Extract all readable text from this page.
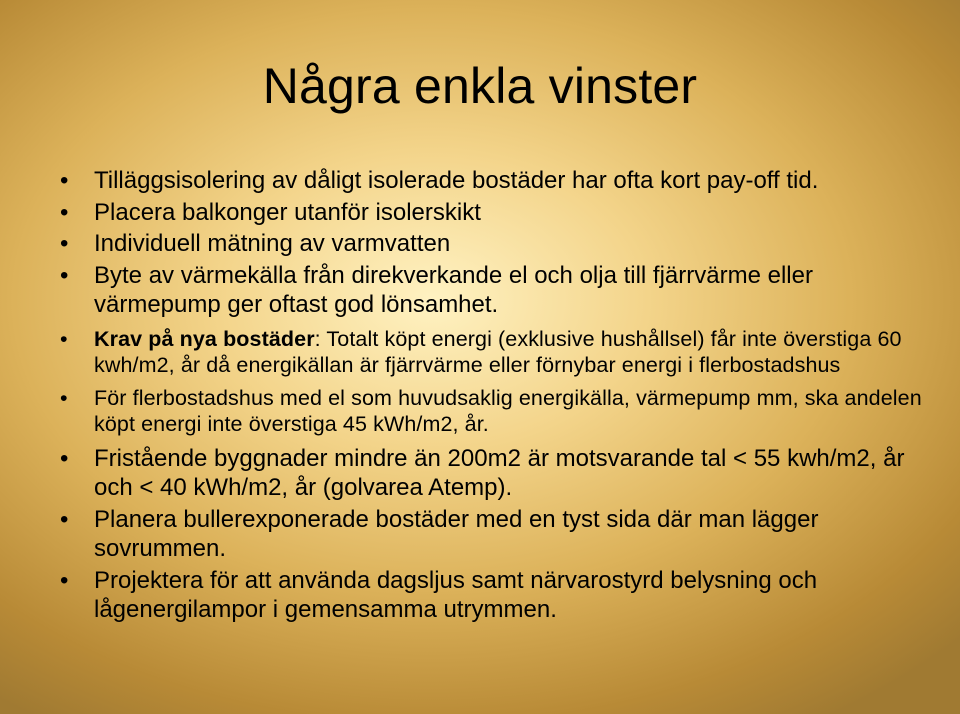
Några enkla vinster
• Tilläggsisolering av dåligt isolerade bostäder har ofta kort pay-off tid.
• Placera balkonger utanför isolerskikt
• Individuell mätning av varmvatten
• Byte av värmekälla från direkverkande el och olja till fjärrvärme eller värmepump ger oftast god lönsamhet.
• Krav på nya bostäder: Totalt köpt energi (exklusive hushållsel) får inte överstiga 60 kwh/m2, år då energikällan är fjärrvärme eller förnybar energi i flerbostadshus
• För flerbostadshus med el som huvudsaklig energikälla, värmepump mm, ska andelen köpt energi inte överstiga 45 kWh/m2, år.
• Fristående byggnader mindre än 200m2 är motsvarande tal < 55 kwh/m2, år och < 40 kWh/m2, år (golvarea Atemp).
• Planera bullerexponerade bostäder med en tyst sida där man lägger sovrummen.
• Projektera för att använda dagsljus samt närvarostyrd belysning och lågenergilampor i gemensamma utrymmen.
